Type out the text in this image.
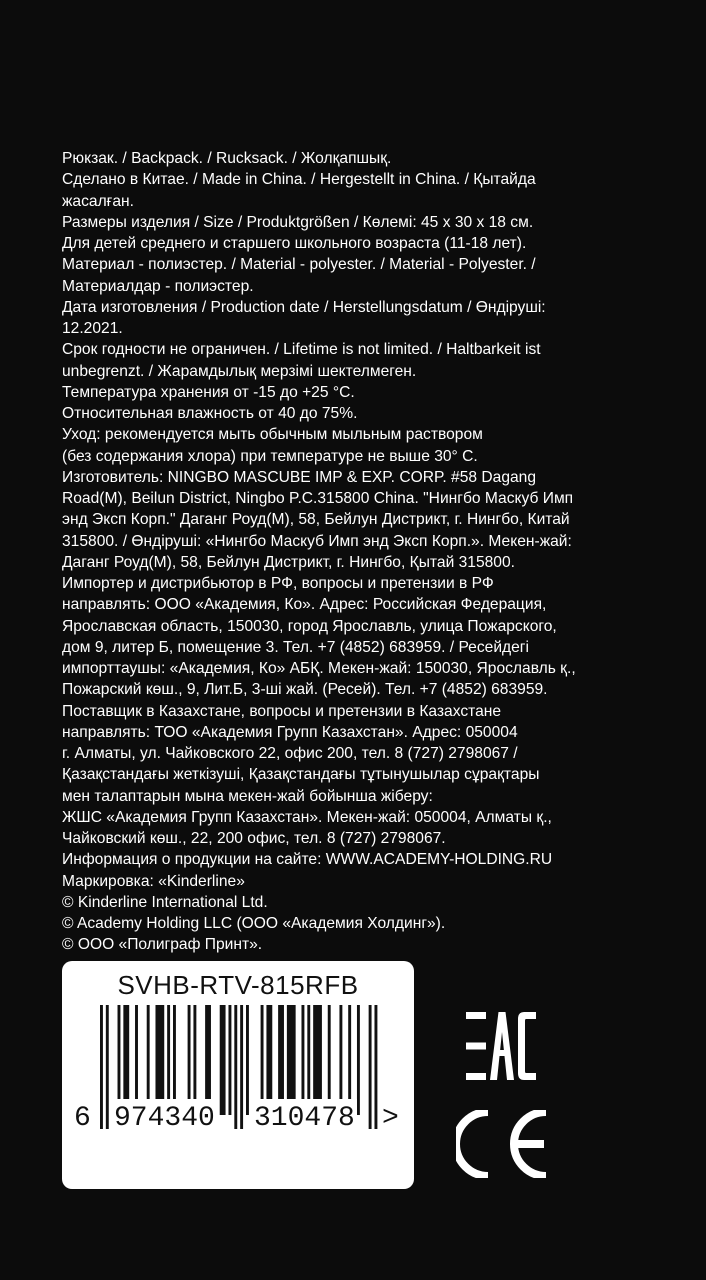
Рюкзак. / Backpack. / Rucksack. / Жолқапшық.
Сделано в Китае. / Made in China. / Hergestellt in China. / Қытайда
жасалған.
Размеры изделия / Size / Produktgrößen / Көлемі: 45 х 30 х 18 см.
Для детей среднего и старшего школьного возраста (11-18 лет).
Материал - полиэстер. / Material - polyester. / Material - Polyester. /
Материалдар - полиэстер.
Дата изготовления / Production date / Herstellungsdatum / Өндіруші:
12.2021.
Срок годности не ограничен. / Lifetime is not limited. / Haltbarkeit ist
unbegrenzt. / Жарамдылық мерзімі шектелмеген.
Температура хранения от -15 до +25 °С.
Относительная влажность от 40 до 75%.
Уход: рекомендуется мыть обычным мыльным раствором
(без содержания хлора) при температуре не выше 30° С.
Изготовитель: NINGBO MASCUBE IMP & EXP. CORP. #58 Dagang
Road(M), Beilun District, Ningbo P.C.315800 China. "Нингбо Маскуб Имп
энд Эксп Корп." Даганг Роуд(М), 58, Бейлун Дистрикт, г. Нингбо, Китай
315800. / Өндіруші: «Нингбо Маскуб Имп энд Эксп Корп.». Мекен-жай:
Даганг Роуд(М), 58, Бейлун Дистрикт, г. Нингбо, Қытай 315800.
Импортер и дистрибьютор в РФ, вопросы и претензии в РФ
направлять: ООО «Академия, Ко». Адрес: Российская Федерация,
Ярославская область, 150030, город Ярославль, улица Пожарского,
дом 9, литер Б, помещение 3. Тел. +7 (4852) 683959. / Ресейдегі
импорттаушы: «Академия, Ко» АБҚ. Мекен-жай: 150030, Ярославль қ.,
Пожарский көш., 9, Лит.Б, 3-ші жай. (Ресей). Тел. +7 (4852) 683959.
Поставщик в Казахстане, вопросы и претензии в Казахстане
направлять: ТОО «Академия Групп Казахстан». Адрес: 050004
г. Алматы, ул. Чайковского 22, офис 200, тел. 8 (727) 2798067 /
Қазақстандағы жеткізуші, Қазақстандағы тұтынушылар сұрақтары
мен талаптарын мына мекен-жай бойынша жіберу:
ЖШС «Академия Групп Казахстан». Мекен-жай: 050004, Алматы қ.,
Чайковский көш., 22, 200 офис, тел. 8 (727) 2798067.
Информация о продукции на сайте: WWW.ACADEMY-HOLDING.RU
Маркировка: «Kinderline»
© Kinderline International Ltd.
© Academy Holding LLC (ООО «Академия Холдинг»).
© ООО «Полиграф Принт».
SVHB-RTV-815RFB
6 974340 310478 >
